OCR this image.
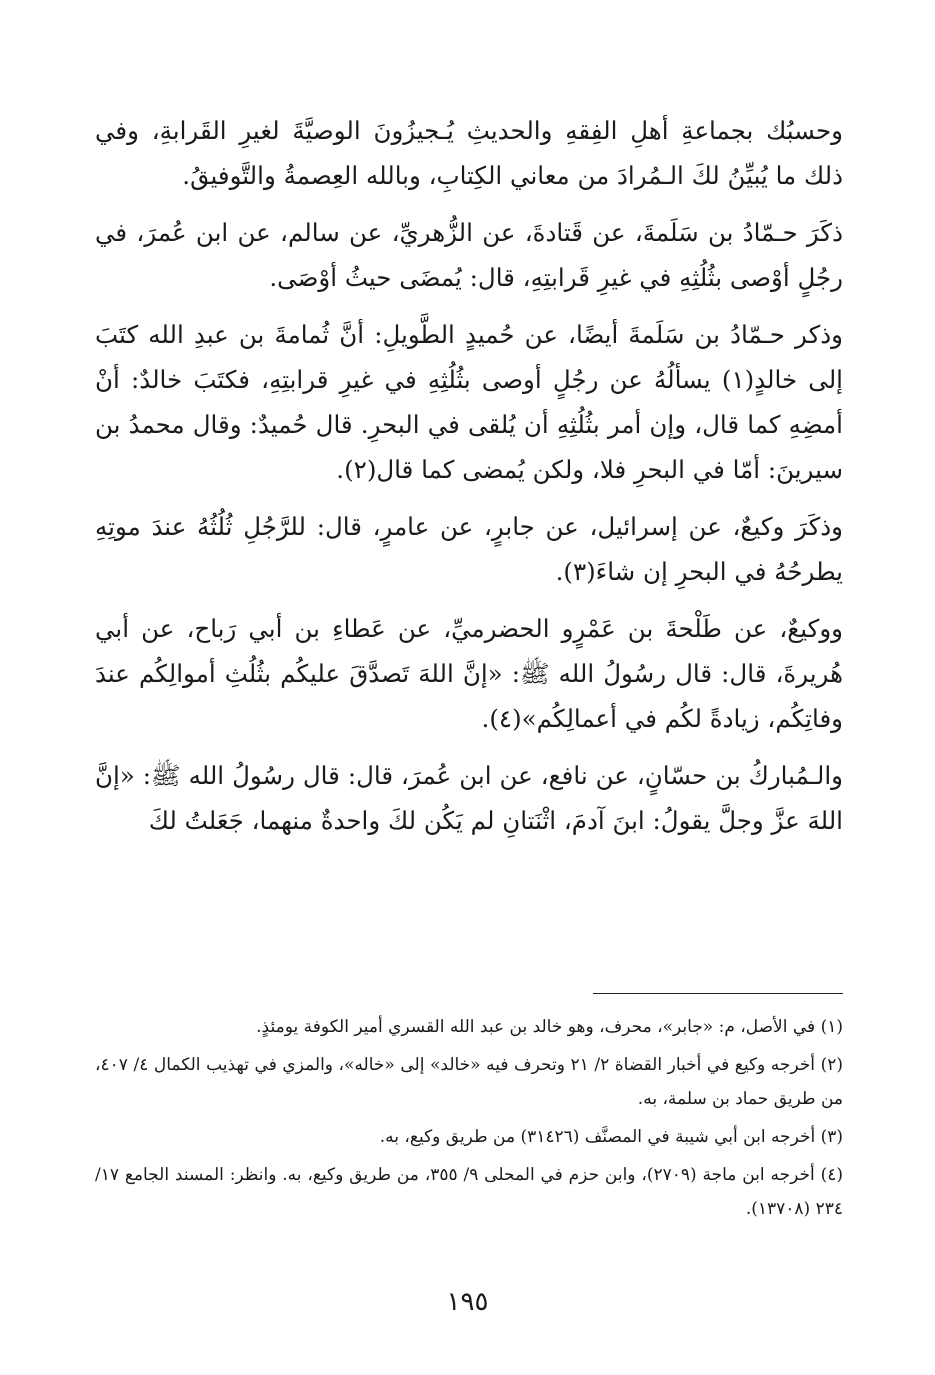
وحسبُك بجماعةِ أهلِ الفِقهِ والحديثِ يُـجيزُونَ الوصيَّةَ لغيرِ القَرابةِ، وفي ذلك ما يُبيِّنُ لكَ الـمُرادَ من معاني الكِتابِ، وبالله العِصمةُ والتَّوفيقُ.

ذكَرَ حـمّادُ بن سَلَمةَ، عن قَتادةَ، عن الزُّهريِّ، عن سالم، عن ابن عُمرَ، في رجُلٍ أوْصى بثُلُثِهِ في غيرِ قَرابتِهِ، قال: يُمضَى حيثُ أوْصَى.

وذكر حـمّادُ بن سَلَمةَ أيضًا، عن حُميدٍ الطَّويلِ: أنَّ ثُمامةَ بن عبدِ الله كتَبَ إلى خالدٍ(١) يسألُهُ عن رجُلٍ أوصى بثُلُثِهِ في غيرِ قرابتِهِ، فكتَبَ خالدٌ: أنْ أمضِهِ كما قال، وإن أمر بثُلُثِهِ أن يُلقى في البحرِ. قال حُميدٌ: وقال محمدُ بن سيرينَ: أمّا في البحرِ فلا، ولكن يُمضى كما قال(٢).

وذكَرَ وكيعٌ، عن إسرائيل، عن جابرٍ، عن عامرٍ، قال: للرَّجُلِ ثُلُثُهُ عندَ موتِهِ يطرحُهُ في البحرِ إن شاءَ(٣).

ووكيعٌ، عن طَلْحةَ بن عَمْرٍو الحضرميِّ، عن عَطاءِ بن أبي رَباح، عن أبي هُريرةَ، قال: قال رسُولُ الله ﷺ: «إنَّ اللهَ تَصدَّقَ عليكُم بثُلُثِ أموالِكُم عندَ وفاتِكُم، زيادةً لكُم في أعمالِكُم»(٤).

والـمُباركُ بن حسّانٍ، عن نافع، عن ابن عُمرَ، قال: قال رسُولُ الله ﷺ: «إنَّ اللهَ عزَّ وجلَّ يقولُ: ابنَ آدمَ، اثْنَتانِ لم يَكُن لكَ واحدةٌ منهما، جَعَلتُ لكَ

(١) في الأصل، م: «جابر»، محرف، وهو خالد بن عبد الله القسري أمير الكوفة يومئذٍ.

(٢) أخرجه وكيع في أخبار القضاة ٢/ ٢١ وتحرف فيه «خالد» إلى «خاله»، والمزي في تهذيب الكمال ٤/ ٤٠٧، من طريق حماد بن سلمة، به.

(٣) أخرجه ابن أبي شيبة في المصنَّف (٣١٤٢٦) من طريق وكيع، به.

(٤) أخرجه ابن ماجة (٢٧٠٩)، وابن حزم في المحلى ٩/ ٣٥٥، من طريق وكيع، به. وانظر: المسند الجامع ١٧/ ٢٣٤ (١٣٧٠٨).

١٩٥
